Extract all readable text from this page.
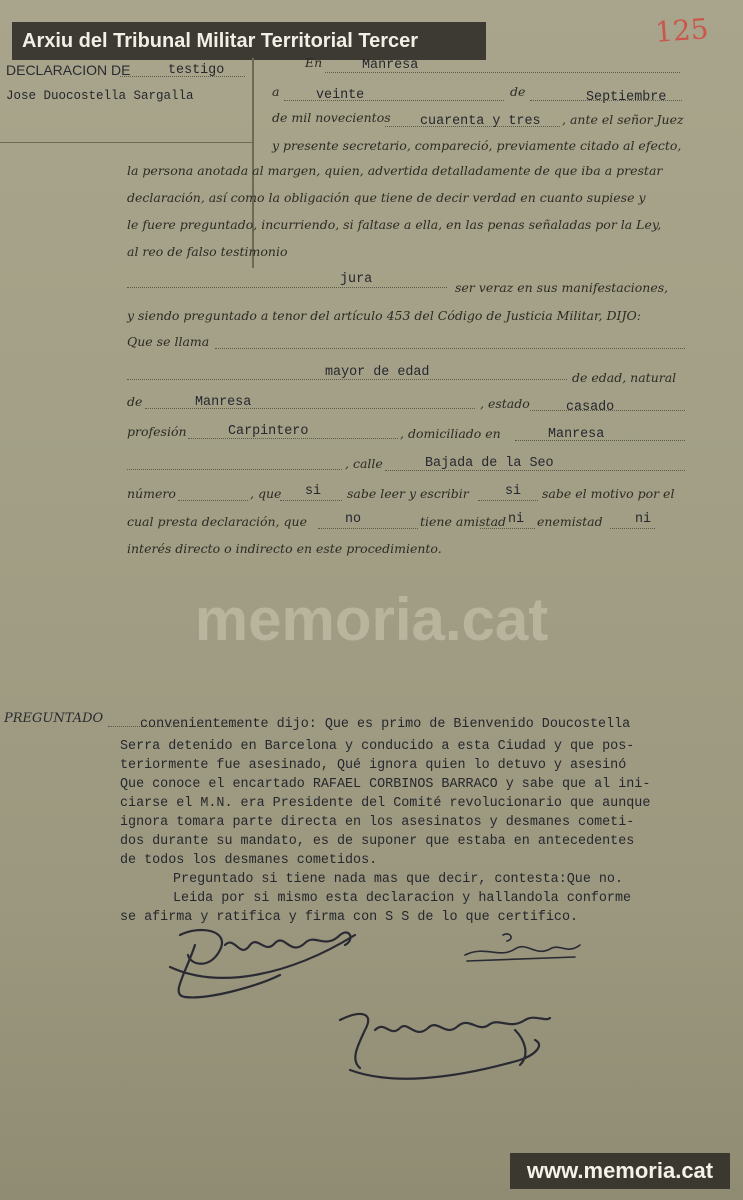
Arxiu del Tribunal Militar Territorial Tercer	125
memoria.cat
DECLARACION DE	testigo
Jose Duocostella Sargalla
En	Manresa
a	veinte	de	Septiembre
de mil novecientos cuarenta y tres , ante el señor Juez
y presente secretario, compareció, previamente citado al efecto,
la persona anotada al margen, quien, advertida detalladamente de que iba a prestar
declaración, así como la obligación que tiene de decir verdad en cuanto supiese y
le fuere preguntado, incurriendo, si faltase a ella, en las penas señaladas por la Ley,
al reo de falso testimonio
jura
ser veraz en sus manifestaciones,
y siendo preguntado a tenor del artículo 453 del Código de Justicia Militar, DIJO:
Que se llama
mayor de edad	de edad, natural
de	Manresa	, estado	casado
profesión	Carpintero	, domiciliado en	Manresa
, calle	Bajada de la Seo
número	, que si sabe leer y escribir	si sabe el motivo por el
cual presta declaración, que	no	tiene amistad ni enemistad ni
interés directo o indirecto en este procedimiento.
PREGUNTADO	convenientemente dijo: Que es primo de Bienvenido Doucostella
Serra detenido en Barcelona y conducido a esta Ciudad y que pos-
teriormente fue asesinado, Qué ignora quien lo detuvo y asesinó
Que conoce el encartado RAFAEL CORBINOS BARRACO y sabe que al ini-
ciarse el M.N. era Presidente del Comité revolucionario que aunque
ignora tomara parte directa en los asesinatos y desmanes cometi-
dos durante su mandato, es de suponer que estaba en antecedentes
de todos los desmanes cometidos.
Preguntado si tiene nada mas que decir, contesta:Que no.
Leida por si mismo esta declaracion y hallandola conforme
se afirma y ratifica y firma con S S de lo que certifico.
www.memoria.cat
